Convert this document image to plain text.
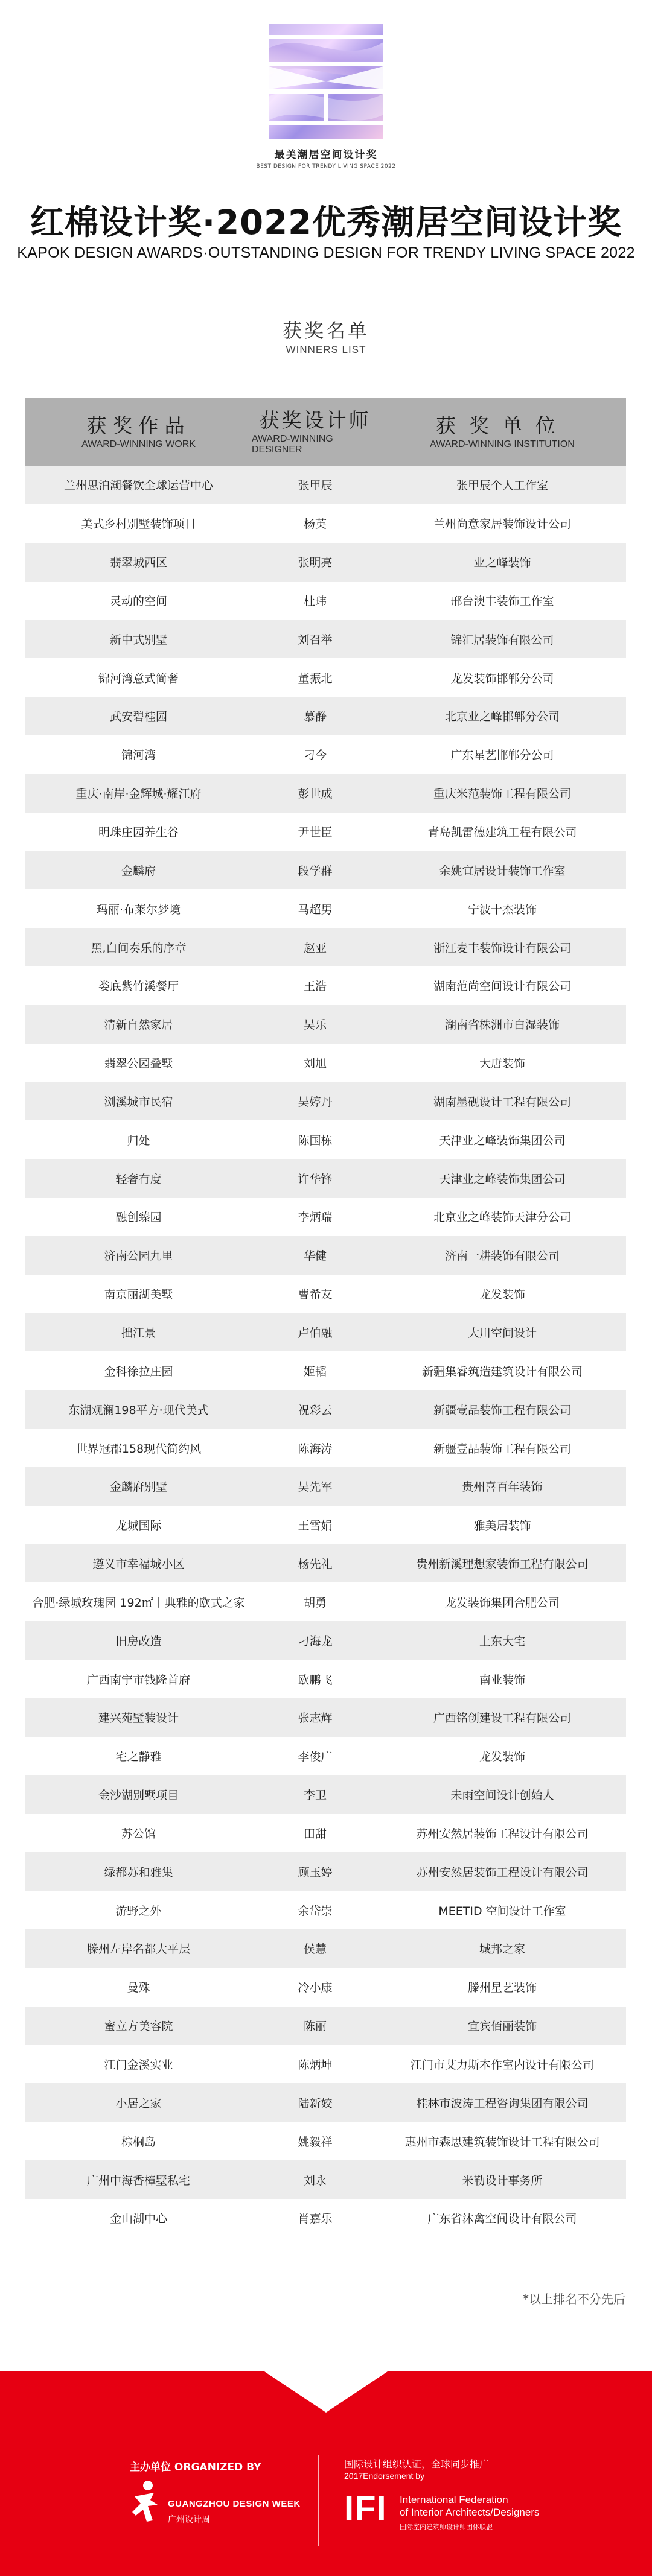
最美潮居空间设计奖
BEST DESIGN FOR TRENDY LIVING SPACE 2022
红棉设计奖·2022优秀潮居空间设计奖
KAPOK DESIGN AWARDS·OUTSTANDING DESIGN FOR TRENDY LIVING SPACE 2022
获奖名单
WINNERS LIST
获奖作品
AWARD-WINNING WORK
获奖设计师
AWARD-WINNING DESIGNER
获奖单位
AWARD-WINNING INSTITUTION
兰州思泊潮餐饮全球运营中心	张甲辰	张甲辰个人工作室
美式乡村别墅装饰项目	杨英	兰州尚意家居装饰设计公司
翡翠城西区	张明亮	业之峰装饰
灵动的空间	杜玮	邢台澳丰装饰工作室
新中式别墅	刘召举	锦汇居装饰有限公司
锦河湾意式简奢	董振北	龙发装饰邯郸分公司
武安碧桂园	慕静	北京业之峰邯郸分公司
锦河湾	刁今	广东星艺邯郸分公司
重庆·南岸·金辉城·耀江府	彭世成	重庆米范装饰工程有限公司
明珠庄园养生谷	尹世臣	青岛凯雷德建筑工程有限公司
金麟府	段学群	余姚宜居设计装饰工作室
玛丽·布莱尔梦境	马超男	宁波十杰装饰
黑,白间奏乐的序章	赵亚	浙江麦丰装饰设计有限公司
娄底紫竹溪餐厅	王浩	湖南范尚空间设计有限公司
清新自然家居	吴乐	湖南省株洲市白湿装饰
翡翠公园叠墅	刘旭	大唐装饰
浏溪城市民宿	吴婷丹	湖南墨砚设计工程有限公司
归处	陈国栋	天津业之峰装饰集团公司
轻奢有度	许华锋	天津业之峰装饰集团公司
融创臻园	李炳瑞	北京业之峰装饰天津分公司
济南公园九里	华健	济南一耕装饰有限公司
南京丽湖美墅	曹希友	龙发装饰
拙江景	卢伯融	大川空间设计
金科徐拉庄园	姬韬	新疆集睿筑造建筑设计有限公司
东湖观澜198平方·现代美式	祝彩云	新疆壹品装饰工程有限公司
世界冠郡158现代简约风	陈海涛	新疆壹品装饰工程有限公司
金麟府别墅	吴先军	贵州喜百年装饰
龙城国际	王雪娟	雅美居装饰
遵义市幸福城小区	杨先礼	贵州新溪理想家装饰工程有限公司
合肥·绿城玫瑰园 192㎡丨典雅的欧式之家	胡勇	龙发装饰集团合肥公司
旧房改造	刁海龙	上东大宅
广西南宁市钱隆首府	欧鹏飞	南业装饰
建兴苑墅装设计	张志辉	广西铭创建设工程有限公司
宅之静雅	李俊广	龙发装饰
金沙湖别墅项目	李卫	未雨空间设计创始人
苏公馆	田甜	苏州安然居装饰工程设计有限公司
绿都苏和雅集	顾玉婷	苏州安然居装饰工程设计有限公司
游野之外	余岱崇	MEETID 空间设计工作室
滕州左岸名都大平层	侯慧	城邦之家
曼殊	冷小康	滕州星艺装饰
蜜立方美容院	陈丽	宜宾佰丽装饰
江门金溪实业	陈炳坤	江门市艾力斯本作室内设计有限公司
小居之家	陆新姣	桂林市波涛工程咨询集团有限公司
棕榈岛	姚毅祥	惠州市森思建筑装饰设计工程有限公司
广州中海香樟墅私宅	刘永	米勒设计事务所
金山湖中心	肖嘉乐	广东省沐禽空间设计有限公司
*以上排名不分先后
主办单位 ORGANIZED BY
GUANGZHOU DESIGN WEEK
广州设计周
国际设计组织认证，全球同步推广
2017Endorsement by
IFI International Federation
of Interior Architects/Designers
国际室内建筑师设计师团体联盟
